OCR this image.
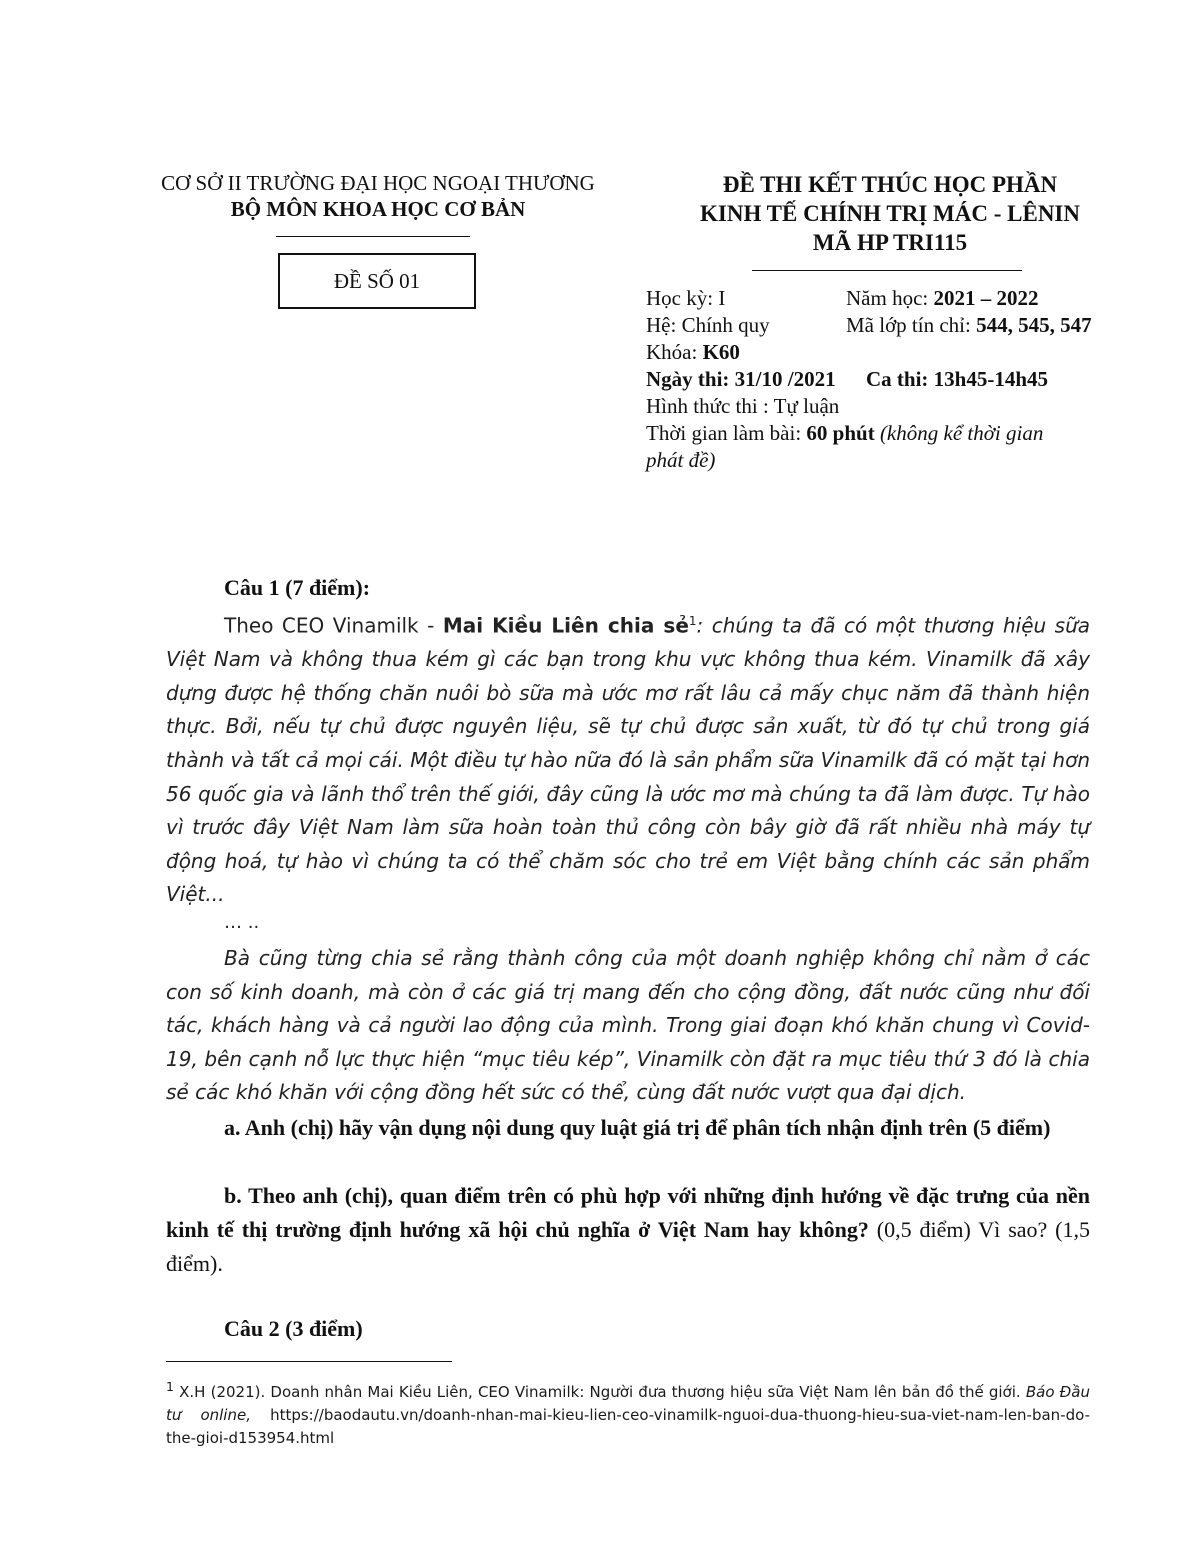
CƠ SỞ II TRƯỜNG ĐẠI HỌC NGOẠI THƯƠNG
BỘ MÔN KHOA HỌC CƠ BẢN
ĐỀ SỐ 01
ĐỀ THI KẾT THÚC HỌC PHẦN
KINH TẾ CHÍNH TRỊ MÁC - LÊNIN
MÃ HP TRI115
Học kỳ: I	Năm học: 2021 – 2022
Hệ: Chính quy	Mã lớp tín chỉ: 544, 545, 547
Khóa: K60
Ngày thi: 31/10 /2021 Ca thi: 13h45-14h45
Hình thức thi : Tự luận
Thời gian làm bài: 60 phút (không kể thời gian
phát đề)
Câu 1 (7 điểm):
Theo CEO Vinamilk - Mai Kiều Liên chia sẻ$^1$: chúng ta đã có một thương hiệu sữa Việt Nam và không thua kém gì các bạn trong khu vực không thua kém. Vinamilk đã xây dựng được hệ thống chăn nuôi bò sữa mà ước mơ rất lâu cả mấy chục năm đã thành hiện thực. Bởi, nếu tự chủ được nguyên liệu, sẽ tự chủ được sản xuất, từ đó tự chủ trong giá thành và tất cả mọi cái. Một điều tự hào nữa đó là sản phẩm sữa Vinamilk đã có mặt tại hơn 56 quốc gia và lãnh thổ trên thế giới, đây cũng là ước mơ mà chúng ta đã làm được. Tự hào vì trước đây Việt Nam làm sữa hoàn toàn thủ công còn bây giờ đã rất nhiều nhà máy tự động hoá, tự hào vì chúng ta có thể chăm sóc cho trẻ em Việt bằng chính các sản phẩm Việt...
… ..
Bà cũng từng chia sẻ rằng thành công của một doanh nghiệp không chỉ nằm ở các con số kinh doanh, mà còn ở các giá trị mang đến cho cộng đồng, đất nước cũng như đối tác, khách hàng và cả người lao động của mình. Trong giai đoạn khó khăn chung vì Covid-19, bên cạnh nỗ lực thực hiện “mục tiêu kép”, Vinamilk còn đặt ra mục tiêu thứ 3 đó là chia sẻ các khó khăn với cộng đồng hết sức có thể, cùng đất nước vượt qua đại dịch.
a. Anh (chị) hãy vận dụng nội dung quy luật giá trị để phân tích nhận định trên (5 điểm)
b. Theo anh (chị), quan điểm trên có phù hợp với những định hướng về đặc trưng của nền kinh tế thị trường định hướng xã hội chủ nghĩa ở Việt Nam hay không? (0,5 điểm) Vì sao? (1,5 điểm).
Câu 2 (3 điểm)
$^1$ X.H (2021). Doanh nhân Mai Kiều Liên, CEO Vinamilk: Người đưa thương hiệu sữa Việt Nam lên bản đồ thế giới. Báo Đầu tư online, https://baodautu.vn/doanh-nhan-mai-kieu-lien-ceo-vinamilk-nguoi-dua-thuong-hieu-sua-viet-nam-len-ban-do-the-gioi-d153954.html
